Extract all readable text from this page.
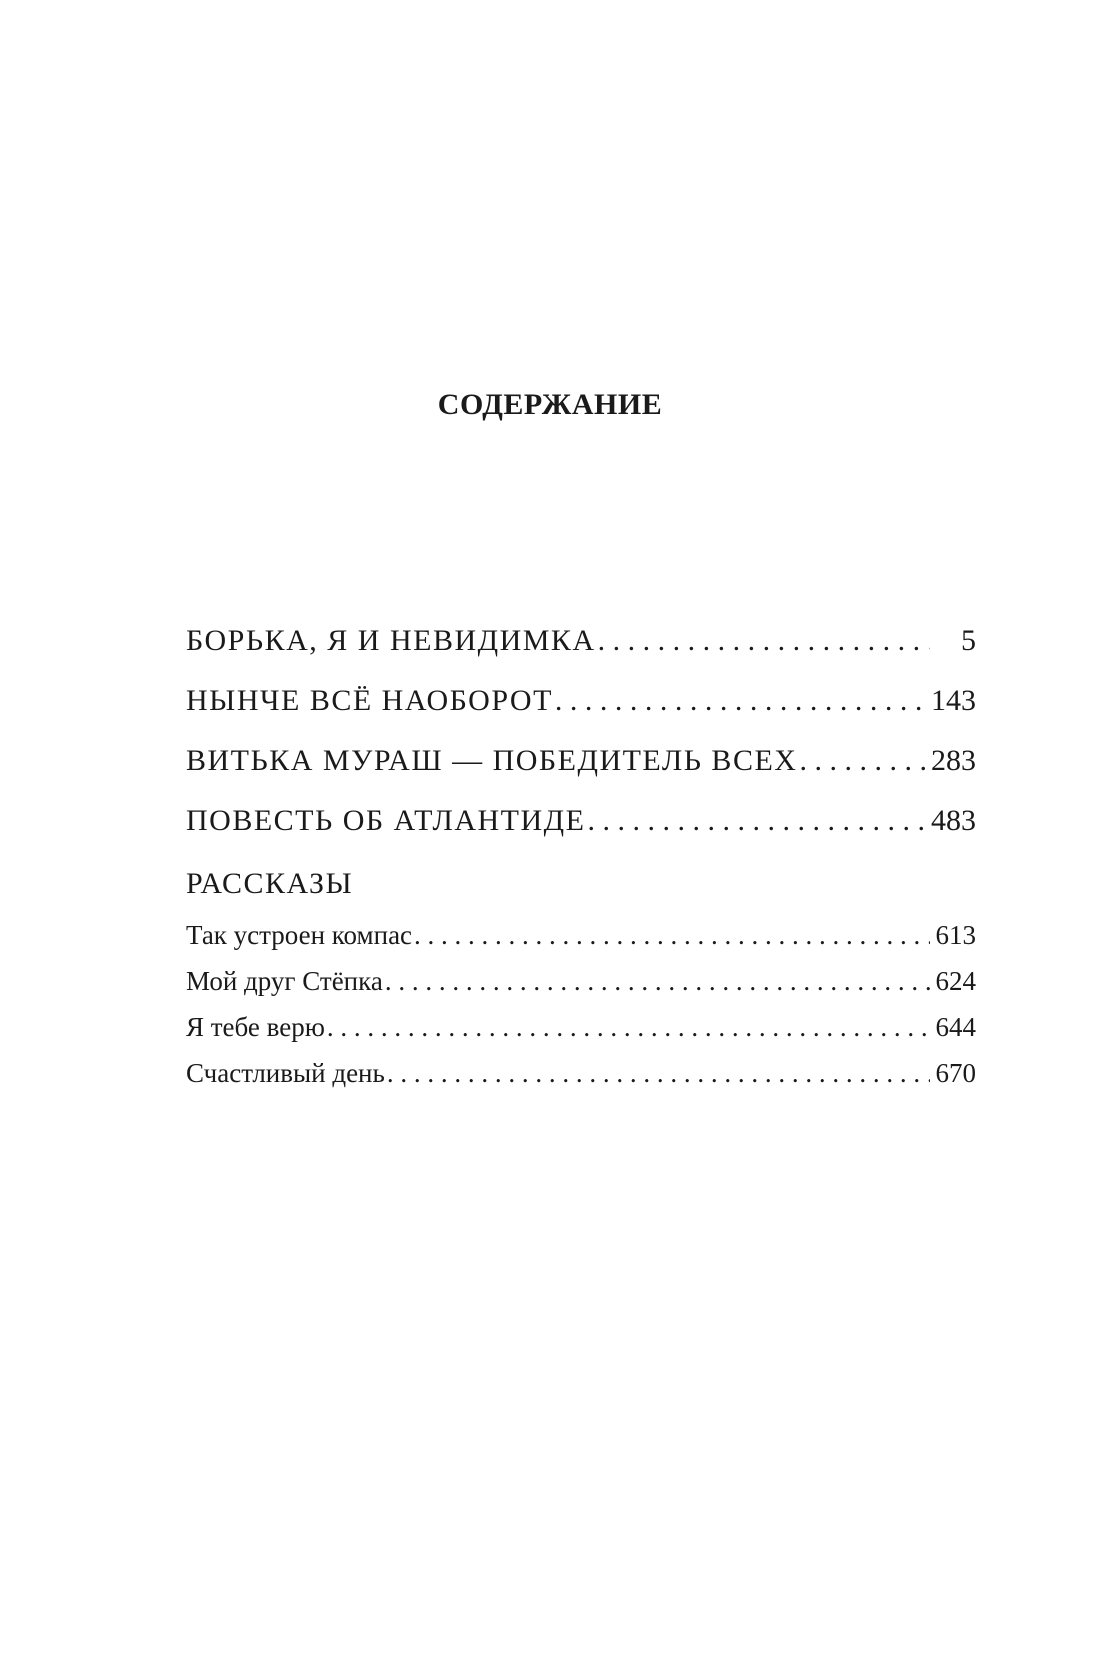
СОДЕРЖАНИЕ
БОРЬКА, Я И НЕВИДИМКА . . .	5
НЫНЧЕ ВСЁ НАОБОРОТ . . .	143
ВИТЬКА МУРАШ — ПОБЕДИТЕЛЬ ВСЕХ . . .	283
ПОВЕСТЬ ОБ АТЛАНТИДЕ . . .	483
РАССКАЗЫ
Так устроен компас . . .	613
Мой друг Стёпка . . .	624
Я тебе верю . . .	644
Счастливый день . . .	670
